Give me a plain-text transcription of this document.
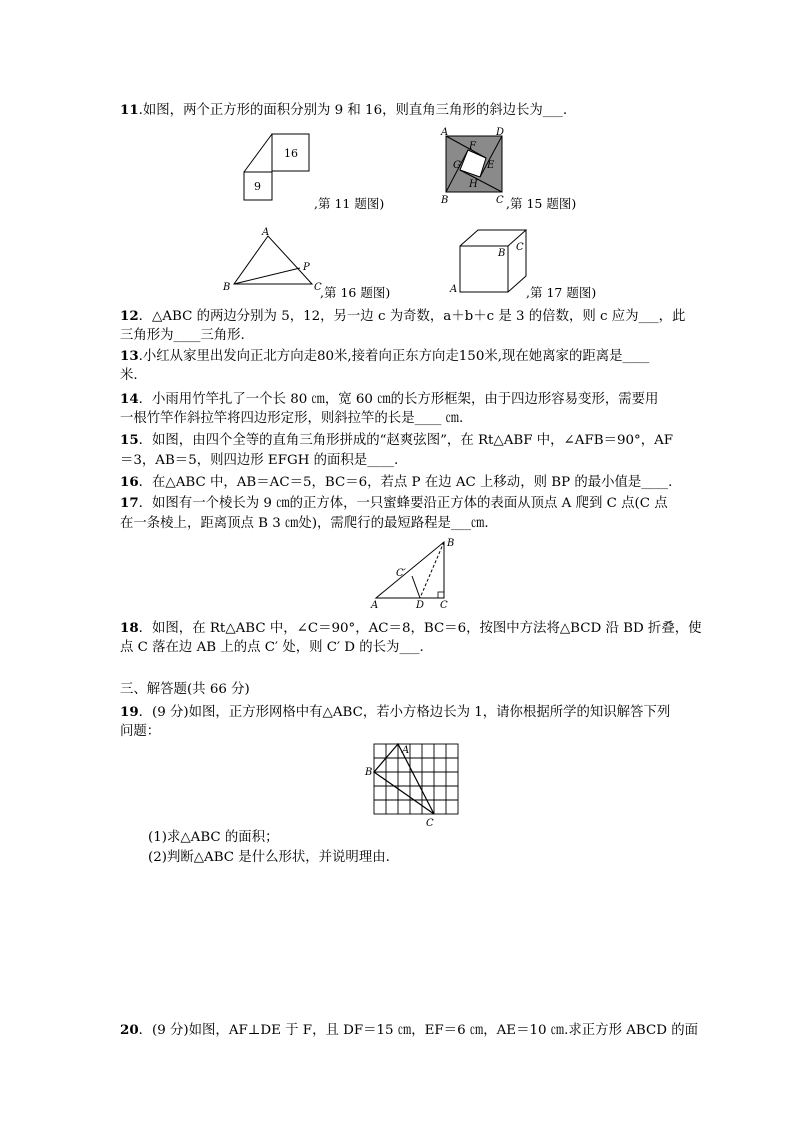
11.如图，两个正方形的面积分别为 9 和 16，则直角三角形的斜边长为___.
16
9
,第 11 题图)
A	D
B	C
F
G	E
H
,第 15 题图)
A
B	C
P
,第 16 题图)	A
B
C
,第 17 题图)
12．△ABC 的两边分别为 5，12，另一边 c 为奇数，a＋b＋c 是 3 的倍数，则 c 应为___，此
三角形为____三角形.
13.小红从家里出发向正北方向走80米,接着向正东方向走150米,现在她离家的距离是____
米.
14．小雨用竹竿扎了一个长 80 ㎝，宽 60 ㎝的长方形框架，由于四边形容易变形，需要用
一根竹竿作斜拉竿将四边形定形，则斜拉竿的长是____ ㎝.
15．如图，由四个全等的直角三角形拼成的“赵爽弦图”，在 Rt△ABF 中，∠AFB＝90°，AF
＝3，AB＝5，则四边形 EFGH 的面积是____.
16．在△ABC 中，AB＝AC＝5，BC＝6，若点 P 在边 AC 上移动，则 BP 的最小值是____.
17．如图有一个棱长为 9 ㎝的正方体，一只蜜蜂要沿正方体的表面从顶点 A 爬到 C 点(C 点
在一条棱上，距离顶点 B 3 ㎝处)，需爬行的最短路程是___㎝.
A
B
C
D
C′
18．如图，在 Rt△ABC 中，∠C＝90°，AC＝8，BC＝6，按图中方法将△BCD 沿 BD 折叠，使
点 C 落在边 AB 上的点 C′ 处，则 C′ D 的长为___.
三、解答题(共 66 分)
19．(9 分)如图，正方形网格中有△ABC，若小方格边长为 1，请你根据所学的知识解答下列
问题：
A
B
C
(1)求△ABC 的面积；
(2)判断△ABC 是什么形状，并说明理由.
20．(9 分)如图，AF⊥DE 于 F，且 DF＝15 ㎝，EF＝6 ㎝，AE＝10 ㎝.求正方形 ABCD 的面
